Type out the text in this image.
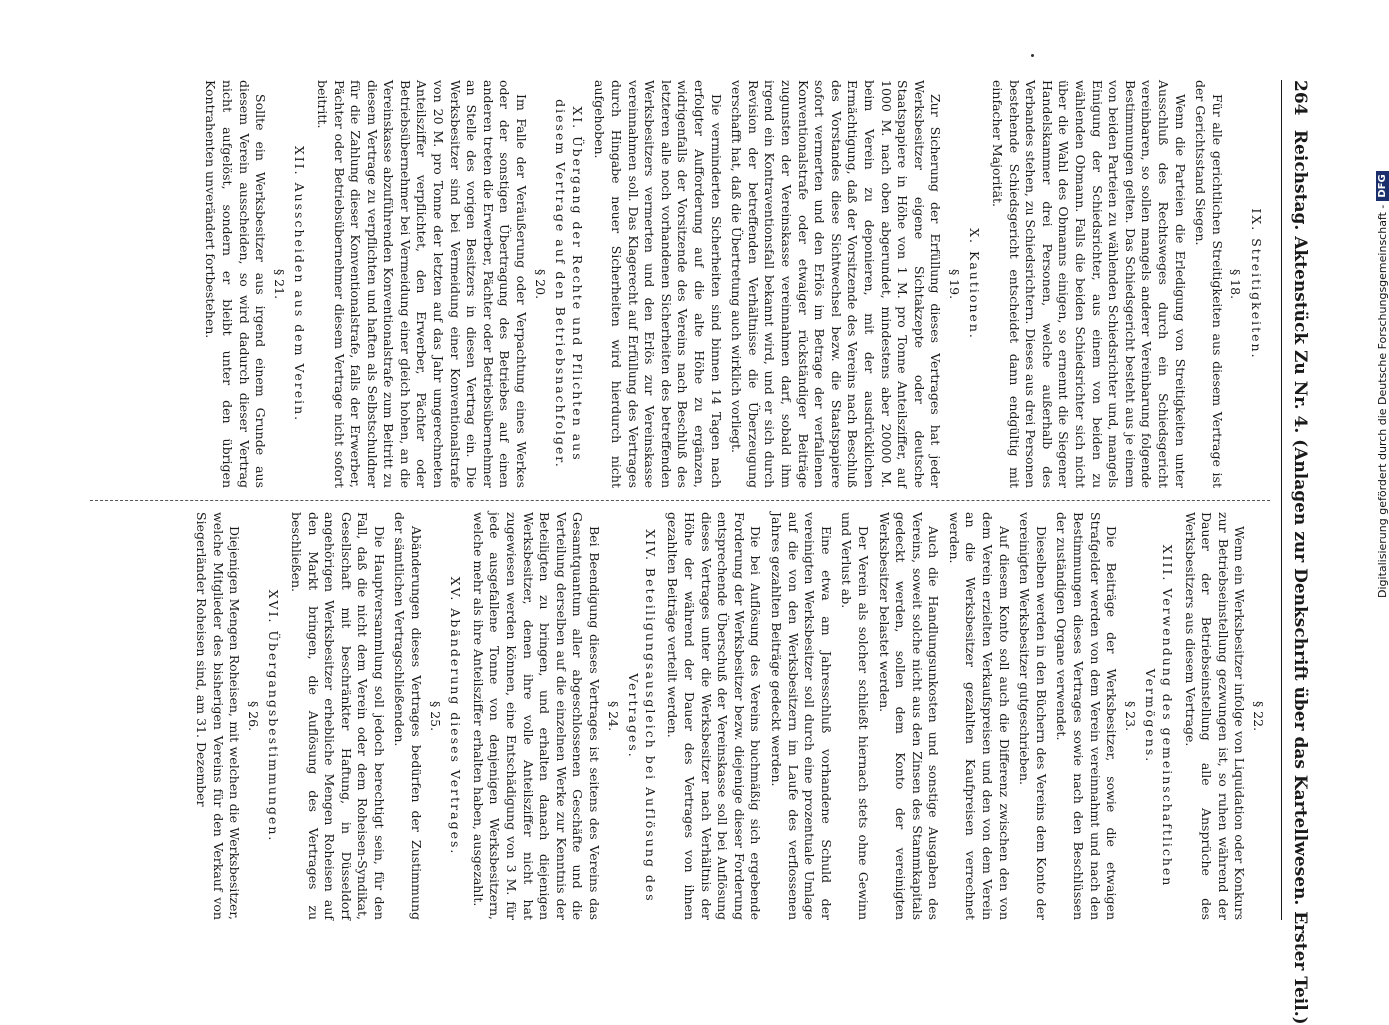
264 Reichstag. Aktenstück Zu Nr. 4. (Anlagen zur Denkschrift über das Kartellwesen. Erster Teil.)
IX. Streitigkeiten.
§ 18.
Für alle gerichtlichen Streitigkeiten aus diesem Vertrage ist der Gerichtsstand Siegen.
Wenn die Parteien die Erledigung von Streitigkeiten unter Ausschluß des Rechtsweges durch ein Schiedsgericht vereinbaren, so sollen mangels anderer Vereinbarung folgende Bestimmungen gelten. Das Schiedsgericht besteht aus je einem von beiden Parteien zu wählenden Schiedsrichter und, mangels Einigung der Schiedsrichter, aus einem von beiden zu wählenden Obmann. Falls die beiden Schiedsrichter sich nicht über die Wahl des Obmanns einigen, so ernennt die Siegener Handelskammer drei Personen, welche außerhalb des Verbandes stehen, zu Schiedsrichtern. Dieses aus drei Personen bestehende Schiedsgericht entscheidet dann endgültig mit einfacher Majorität.
X. Kautionen.
§ 19.
Zur Sicherung der Erfüllung dieses Vertrages hat jeder Werksbesitzer eigene Sichtakzepte oder deutsche Staatspapiere in Höhe von 1 M. pro Tonne Anteilsziffer, auf 1000 M. nach oben abgerundet, mindestens aber 20000 M. beim Verein zu deponieren, mit der ausdrücklichen Ermächtigung, daß der Vorsitzende des Vereins nach Beschluß des Vorstandes diese Sichtwechsel bezw. die Staatspapiere sofort vermerten und den Erlös im Betrage der verfallenen Konventionalstrafe oder etwaiger rückständiger Beiträge zugunsten der Vereinskasse vereinnahmen darf, sobald ihm irgend ein Kontraventionsfall bekannt wird, und er sich durch Revision der betreffenden Verhältnisse die Überzeugung verschafft hat, daß die Übertretung auch wirklich vorliegt.
Die verminderten Sicherheiten sind binnen 14 Tagen nach erfolgter Aufforderung auf die alte Höhe zu ergänzen, widrigenfalls der Vorsitzende des Vereins nach Beschluß des letzteren alle noch vorhandenen Sicherheiten des betreffenden Werksbesitzers vermerten und den Erlös zur Vereinskasse vereinnahmen soll. Das Klagerecht auf Erfüllung des Vertrages durch Hingabe neuer Sicherheiten wird hierdurch nicht aufgehoben.
XI. Übergang der Rechte und Pflichten aus diesem Vertrage auf den Betriebsnachfolger.
§ 20.
Im Falle der Veräußerung oder Verpachtung eines Werkes oder der sonstigen Übertragung des Betriebes auf einen anderen treten die Erwerber, Pächter oder Betriebsübernehmer an Stelle des vorigen Besitzers in diesen Vertrag ein. Die Werksbesitzer sind bei Vermeidung einer Konventionalstrafe von 20 M. pro Tonne der letzten auf das Jahr umgerechneten Anteilsziffer verpflichtet, den Erwerber, Pächter oder Betriebsübernehmer bei Vermeidung einer gleich hohen, an die Vereinskasse abzuführenden Konventionalstrafe zum Beitritt zu diesem Vertrage zu verpflichten und haften als Selbstschuldner für die Zahlung dieser Konventionalstrafe, falls der Erwerber, Pächter oder Betriebsübernehmer diesem Vertrage nicht sofort beitritt.
XII. Ausscheiden aus dem Verein.
§ 21.
Sollte ein Werksbesitzer aus irgend einem Grunde aus diesem Verein ausscheiden, so wird dadurch dieser Vertrag nicht aufgelöst, sondern er bleibt unter den übrigen Kontrahenten unverändert fortbestehen.
§ 22.
Wenn ein Werksbesitzer infolge von Liquidation oder Konkurs zur Betriebseinstellung gezwungen ist, so ruhen während der Dauer der Betriebseinstellung alle Ansprüche des Werksbesitzers aus diesem Vertrage.
XIII. Verwendung des gemeinschaftlichen Vermögens.
§ 23.
Die Beiträge der Werksbesitzer, sowie die etwaigen Strafgelder werden von dem Verein vereinnahmt und nach den Bestimmungen dieses Vertrages sowie nach den Beschlüssen der zuständigen Organe verwendet.
Dieselben werden in den Büchern des Vereins dem Konto der vereinigten Werksbesitzer gutgeschrieben.
Auf diesem Konto soll auch die Differenz zwischen den von dem Verein erzielten Verkaufspreisen und den von dem Verein an die Werksbesitzer gezahlten Kaufpreisen verrechnet werden.
Auch die Handlungsunkosten und sonstige Ausgaben des Vereins, soweit solche nicht aus den Zinsen des Stammkapitals gedeckt werden, sollen dem Konto der vereinigten Werksbesitzer belastet werden.
Der Verein als solcher schließt hiernach stets ohne Gewinn und Verlust ab.
Eine etwa am Jahresschluß vorhandene Schuld der vereinigten Werksbesitzer soll durch eine prozentuale Umlage auf die von den Werksbesitzern im Laufe des verflossenen Jahres gezahlten Beiträge gedeckt werden.
Die bei Auflösung des Vereins buchmäßig sich ergebende Forderung der Werksbesitzer bezw. diejenige dieser Forderung entsprechende Überschuß der Vereinskasse soll bei Auflösung dieses Vertrages unter die Werksbesitzer nach Verhältnis der Höhe der während der Dauer des Vertrages von ihnen gezahlten Beiträge verteilt werden.
XIV. Beteiligungsausgleich bei Auflösung des Vertrages.
§ 24.
Bei Beendigung dieses Vertrages ist seitens des Vereins das Gesamtquantum aller abgeschlossenen Geschäfte und die Verteilung derselben auf die einzelnen Werke zur Kenntnis der Beteiligten zu bringen, und erhalten danach diejenigen Werksbesitzer, denen ihre volle Anteilsziffer nicht hat zugewiesen werden können, eine Entschädigung von 3 M. für jede ausgefallene Tonne von denjenigen Werksbesitzern, welche mehr als ihre Anteilsziffer erhalten haben, ausgezahlt.
XV. Abänderung dieses Vertrages.
§ 25.
Abänderungen dieses Vertrages bedürfen der Zustimmung der sämtlichen Vertragschließenden.
Die Hauptversammlung soll jedoch berechtigt sein, für den Fall, daß die nicht dem Verein oder dem Roheisen-Syndikat, Gesellschaft mit beschränkter Haftung, in Düsseldorf angehörigen Werksbesitzer erhebliche Mengen Roheisen auf den Markt bringen, die Auflösung des Vertrages zu beschließen.
XVI. Übergangsbestimmungen.
§ 26.
Diejenigen Mengen Roheisen, mit welchen die Werksbesitzer, welche Mitglieder des bisherigen Vereins für den Verkauf von Siegerländer Roheisen sind, am 31. Dezember
Digitalisierung gefördert durch die Deutsche Forschungsgemeinschaft -
DFG
